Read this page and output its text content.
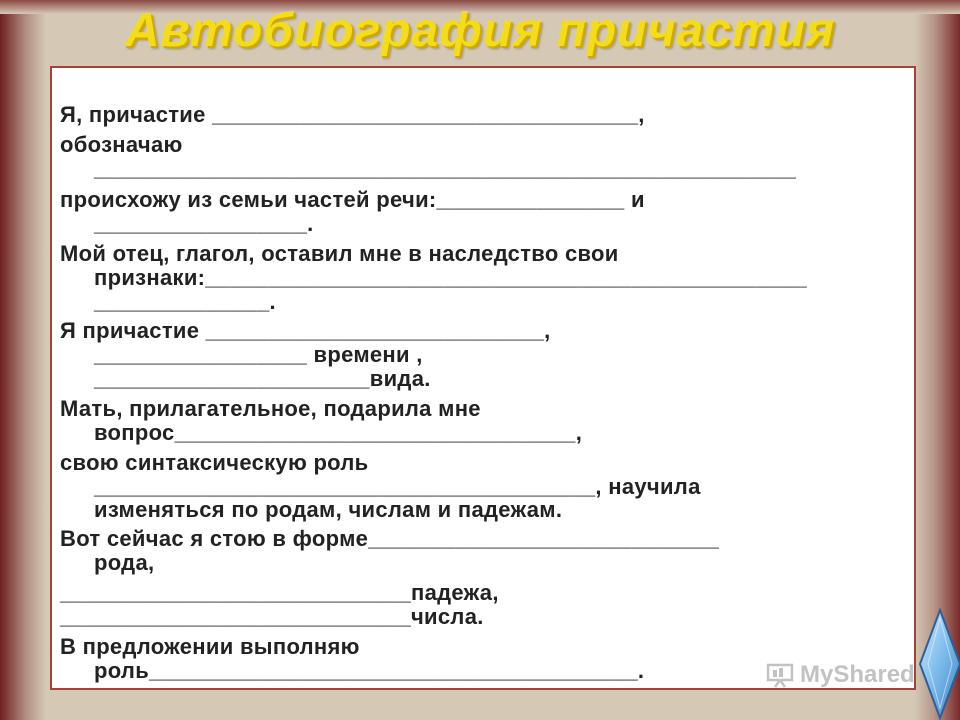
Автобиография причастия
Я, причастие __________________________________,
обозначаю
________________________________________________________
происхожу из семьи частей речи:_______________ и
_________________.
Мой отец, глагол, оставил мне в наследство свои
признаки:________________________________________________
______________.
Я причастие ___________________________,
_________________ времени ,
______________________вида.
Мать, прилагательное, подарила мне
вопрос________________________________,
свою синтаксическую роль
________________________________________, научила
изменяться по родам, числам и падежам.
Вот сейчас я стою в форме____________________________
рода,
____________________________падежа,
____________________________числа.
В предложении выполняю
роль_______________________________________.	MyShared
